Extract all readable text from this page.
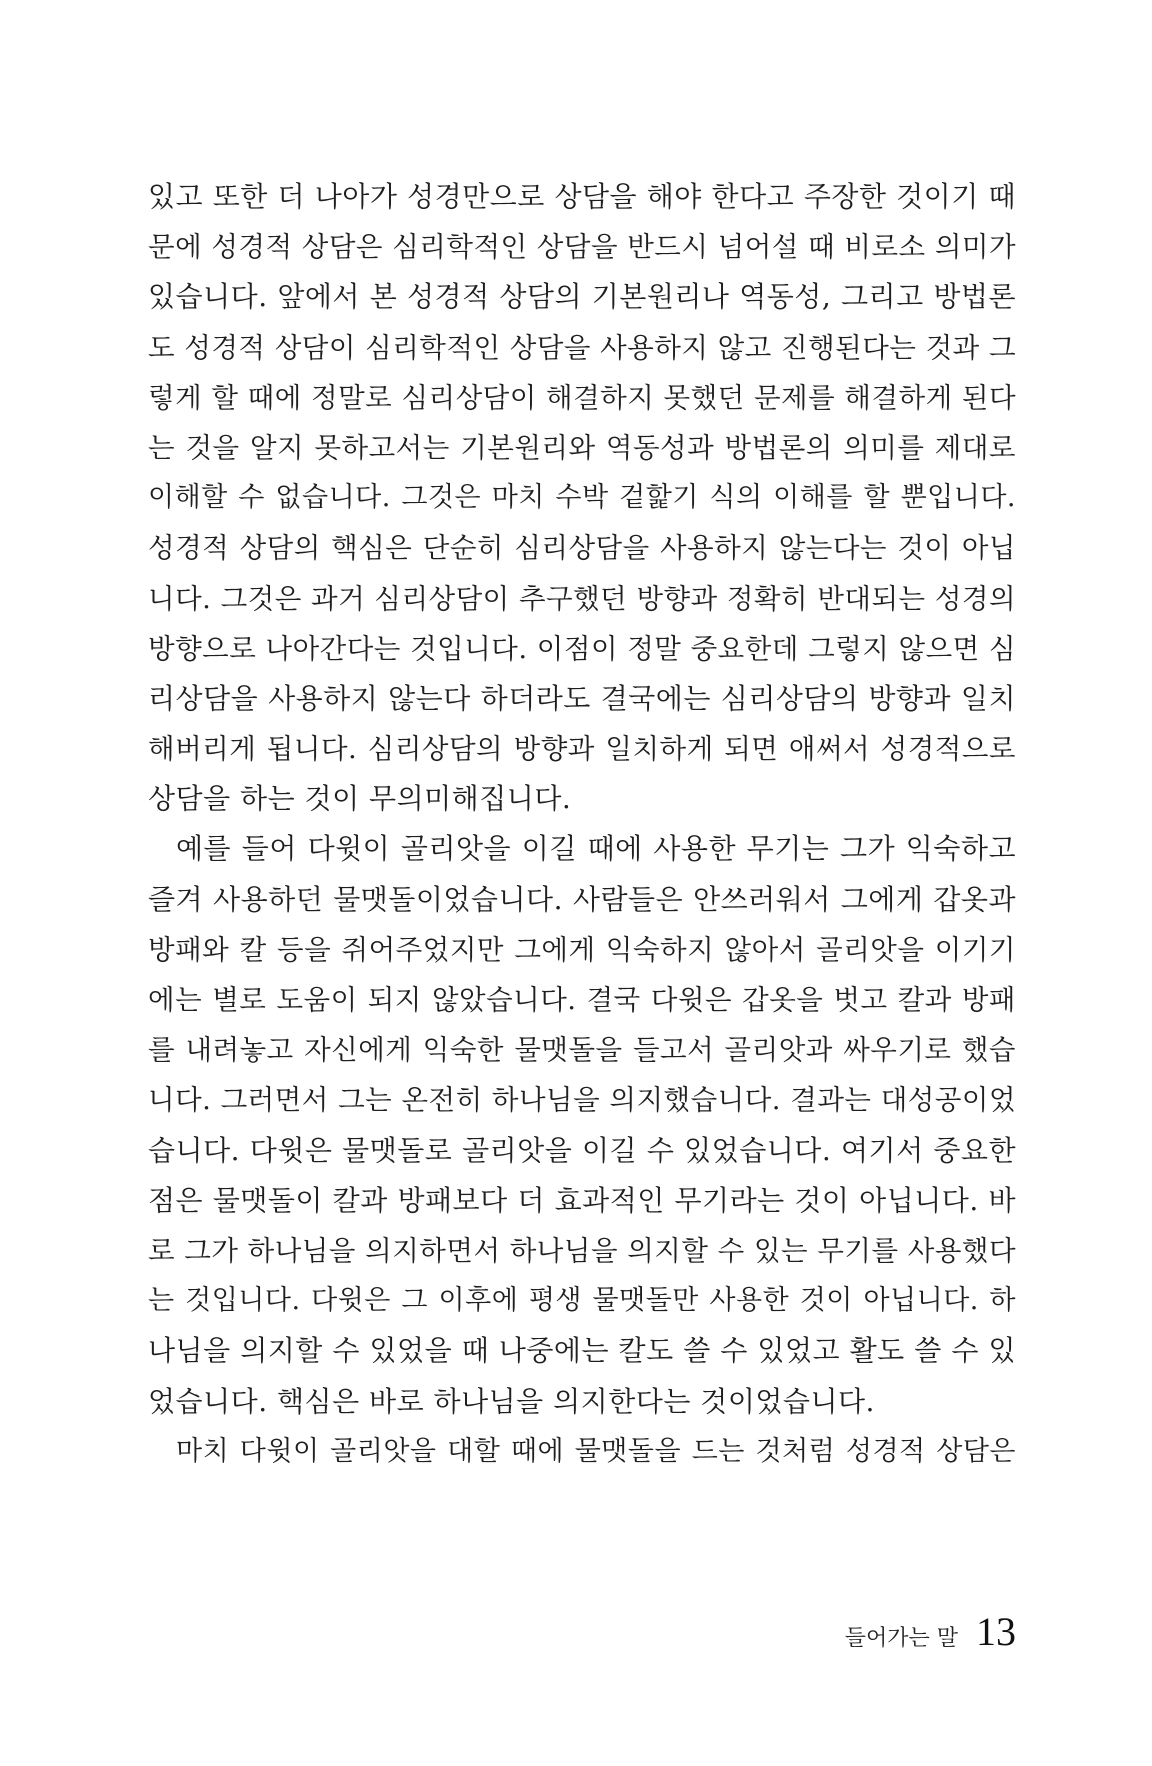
있고 또한 더 나아가 성경만으로 상담을 해야 한다고 주장한 것이기 때
문에 성경적 상담은 심리학적인 상담을 반드시 넘어설 때 비로소 의미가
있습니다. 앞에서 본 성경적 상담의 기본원리나 역동성, 그리고 방법론
도 성경적 상담이 심리학적인 상담을 사용하지 않고 진행된다는 것과 그
렇게 할 때에 정말로 심리상담이 해결하지 못했던 문제를 해결하게 된다
는 것을 알지 못하고서는 기본원리와 역동성과 방법론의 의미를 제대로
이해할 수 없습니다. 그것은 마치 수박 겉핥기 식의 이해를 할 뿐입니다.
성경적 상담의 핵심은 단순히 심리상담을 사용하지 않는다는 것이 아닙
니다. 그것은 과거 심리상담이 추구했던 방향과 정확히 반대되는 성경의
방향으로 나아간다는 것입니다. 이점이 정말 중요한데 그렇지 않으면 심
리상담을 사용하지 않는다 하더라도 결국에는 심리상담의 방향과 일치
해버리게 됩니다. 심리상담의 방향과 일치하게 되면 애써서 성경적으로
상담을 하는 것이 무의미해집니다.
예를 들어 다윗이 골리앗을 이길 때에 사용한 무기는 그가 익숙하고
즐겨 사용하던 물맷돌이었습니다. 사람들은 안쓰러워서 그에게 갑옷과
방패와 칼 등을 쥐어주었지만 그에게 익숙하지 않아서 골리앗을 이기기
에는 별로 도움이 되지 않았습니다. 결국 다윗은 갑옷을 벗고 칼과 방패
를 내려놓고 자신에게 익숙한 물맷돌을 들고서 골리앗과 싸우기로 했습
니다. 그러면서 그는 온전히 하나님을 의지했습니다. 결과는 대성공이었
습니다. 다윗은 물맷돌로 골리앗을 이길 수 있었습니다. 여기서 중요한
점은 물맷돌이 칼과 방패보다 더 효과적인 무기라는 것이 아닙니다. 바
로 그가 하나님을 의지하면서 하나님을 의지할 수 있는 무기를 사용했다
는 것입니다. 다윗은 그 이후에 평생 물맷돌만 사용한 것이 아닙니다. 하
나님을 의지할 수 있었을 때 나중에는 칼도 쓸 수 있었고 활도 쓸 수 있
었습니다. 핵심은 바로 하나님을 의지한다는 것이었습니다.
마치 다윗이 골리앗을 대할 때에 물맷돌을 드는 것처럼 성경적 상담은
들어가는 말 13
